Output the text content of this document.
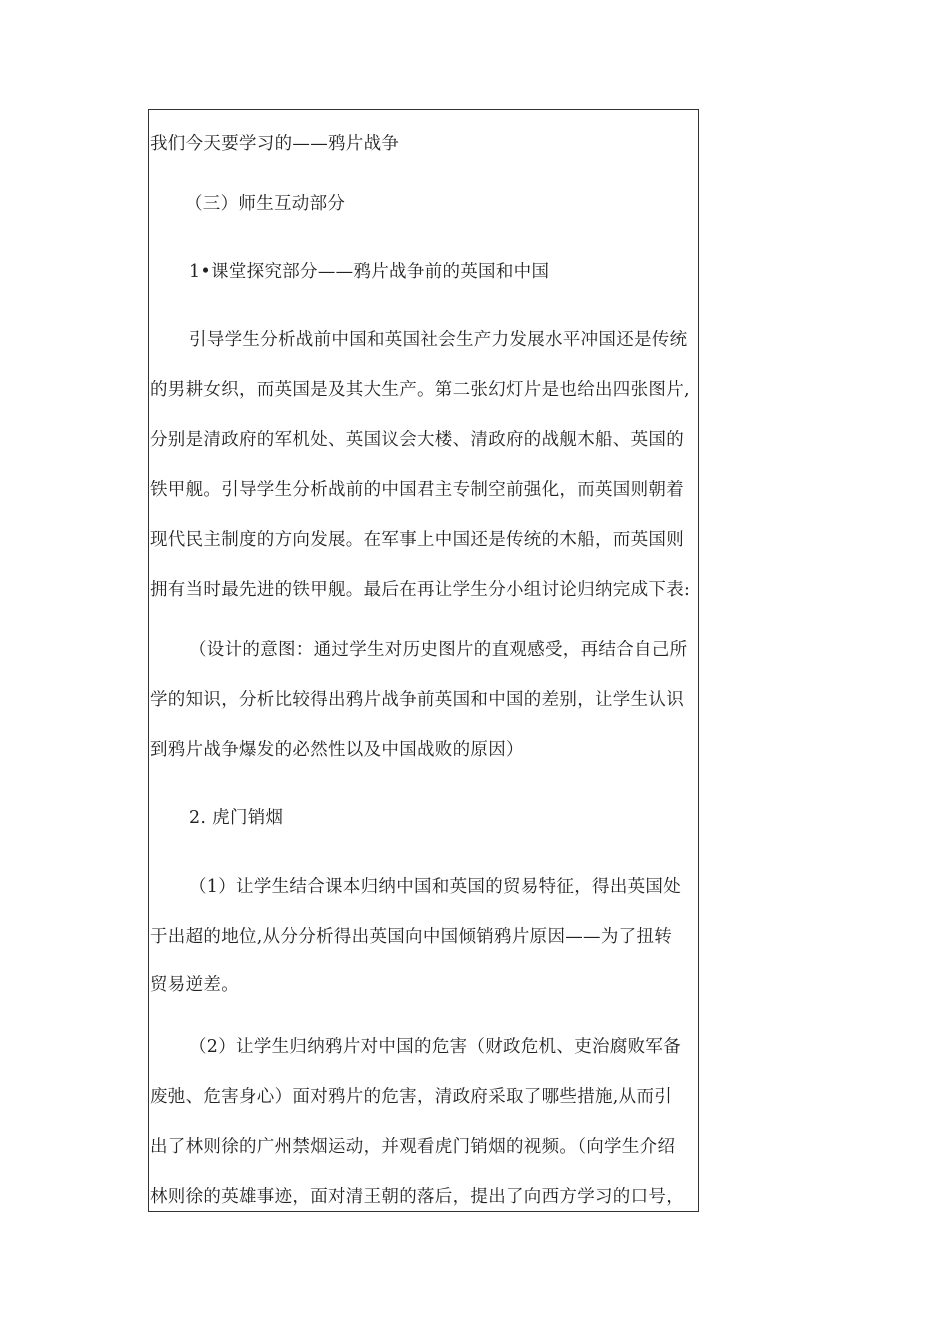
我们今天要学习的——鸦片战争
（三）师生互动部分
1•课堂探究部分——鸦片战争前的英国和中国
引导学生分析战前中国和英国社会生产力发展水平冲国还是传统
的男耕女织，而英国是及其大生产。第二张幻灯片是也给出四张图片,
分别是清政府的军机处、英国议会大楼、清政府的战舰木船、英国的
铁甲舰。引导学生分析战前的中国君主专制空前强化，而英国则朝着
现代民主制度的方向发展。在军事上中国还是传统的木船，而英国则
拥有当时最先进的铁甲舰。最后在再让学生分小组讨论归纳完成下表:
（设计的意图：通过学生对历史图片的直观感受，再结合自己所
学的知识，分析比较得出鸦片战争前英国和中国的差别，让学生认识
到鸦片战争爆发的必然性以及中国战败的原因）
2. 虎门销烟
（1）让学生结合课本归纳中国和英国的贸易特征，得出英国处
于出超的地位,从分分析得出英国向中国倾销鸦片原因——为了扭转
贸易逆差。
（2）让学生归纳鸦片对中国的危害（财政危机、吏治腐败军备
废弛、危害身心）面对鸦片的危害，清政府采取了哪些措施,从而引
出了林则徐的广州禁烟运动，并观看虎门销烟的视频。（向学生介绍
林则徐的英雄事迹，面对清王朝的落后，提出了向西方学习的口号，
